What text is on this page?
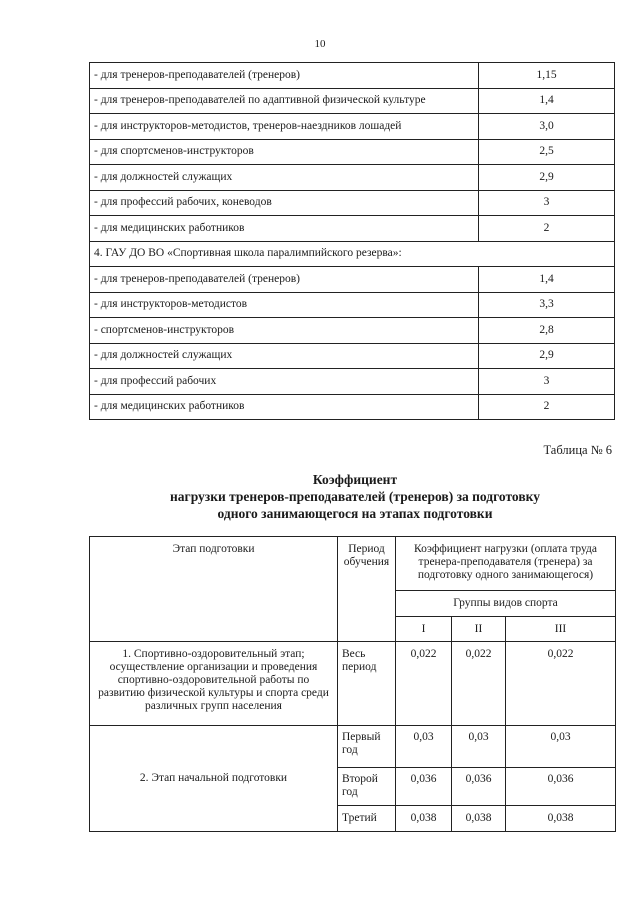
10
- для тренеров-преподавателей (тренеров)	1,15
- для тренеров-преподавателей по адаптивной физической культуре	1,4
- для инструкторов-методистов, тренеров-наездников лошадей	3,0
- для спортсменов-инструкторов	2,5
- для должностей служащих	2,9
- для профессий рабочих, коневодов	3
- для медицинских работников	2
4. ГАУ ДО ВО «Спортивная школа паралимпийского резерва»:	
- для тренеров-преподавателей (тренеров)	1,4
- для инструкторов-методистов	3,3
- спортсменов-инструкторов	2,8
- для должностей служащих	2,9
- для профессий рабочих	3
- для медицинских работников	2
Таблица № 6
Коэффициент
нагрузки тренеров-преподавателей (тренеров) за подготовку
одного занимающегося на этапах подготовки
Этап подготовки	Период обучения	Коэффициент нагрузки (оплата труда тренера-преподавателя (тренера) за подготовку одного занимающегося)		
		Группы видов спорта		
		I	II	III
1. Спортивно-оздоровительный этап; осуществление организации и проведения спортивно-оздоровительной работы по развитию физической культуры и спорта среди различных групп населения	Весь период	0,022	0,022	0,022
2. Этап начальной подготовки	Первый год	0,03	0,03	0,03
	Второй год	0,036	0,036	0,036
	Третий	0,038	0,038	0,038
